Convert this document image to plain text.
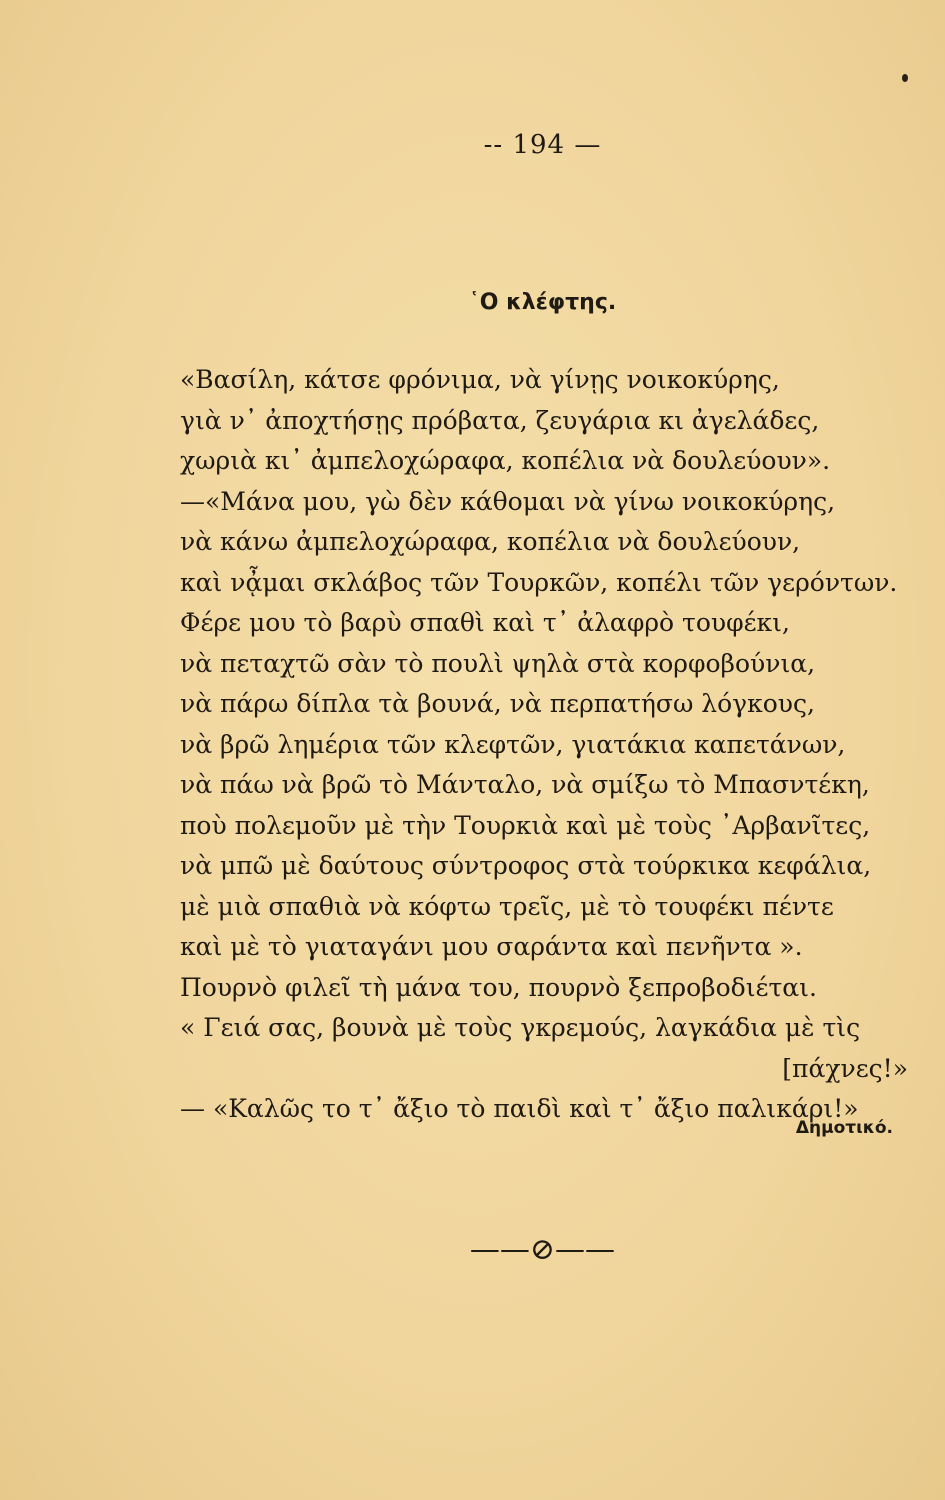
-- 194 —
῾Ο κλέφτης.
«Βασίλη, κάτσε φρόνιμα, νὰ γίνῃς νοικοκύρης,
γιὰ ν᾿ ἀποχτήσῃς πρόβατα, ζευγάρια κι ἀγελάδες,
χωριὰ κι᾿ ἀμπελοχώραφα, κοπέλια νὰ δουλεύουν».
—«Μάνα μου, γὼ δὲν κάθομαι νὰ γίνω νοικοκύρης,
νὰ κάνω ἀμπελοχώραφα, κοπέλια νὰ δουλεύουν,
καὶ νᾆμαι σκλάβος τῶν Τουρκῶν, κοπέλι τῶν γερόντων.
Φέρε μου τὸ βαρὺ σπαθὶ καὶ τ᾿ ἀλαφρὸ τουφέκι,
νὰ πεταχτῶ σὰν τὸ πουλὶ ψηλὰ στὰ κορφοβούνια,
νὰ πάρω δίπλα τὰ βουνά, νὰ περπατήσω λόγκους,
νὰ βρῶ λημέρια τῶν κλεφτῶν, γιατάκια καπετάνων,
νὰ πάω νὰ βρῶ τὸ Μάνταλο, νὰ σμίξω τὸ Μπασντέκη,
ποὺ πολεμοῦν μὲ τὴν Τουρκιὰ καὶ μὲ τοὺς ᾿Αρβανῖτες,
νὰ μπῶ μὲ δαύτους σύντροφος στὰ τούρκικα κεφάλια,
μὲ μιὰ σπαθιὰ νὰ κόφτω τρεῖς, μὲ τὸ τουφέκι πέντε
καὶ μὲ τὸ γιαταγάνι μου σαράντα καὶ πενῆντα ».
Πουρνὸ φιλεῖ τὴ μάνα του, πουρνὸ ξεπροβοδιέται.
« Γειά σας, βουνὰ μὲ τοὺς γκρεμούς, λαγκάδια μὲ τὶς
[πάχνες!»
— «Καλῶς το τ᾿ ἄξιο τὸ παιδὶ καὶ τ᾿ ἄξιο παλικάρι!»
Δημοτικό.
——⊘——
